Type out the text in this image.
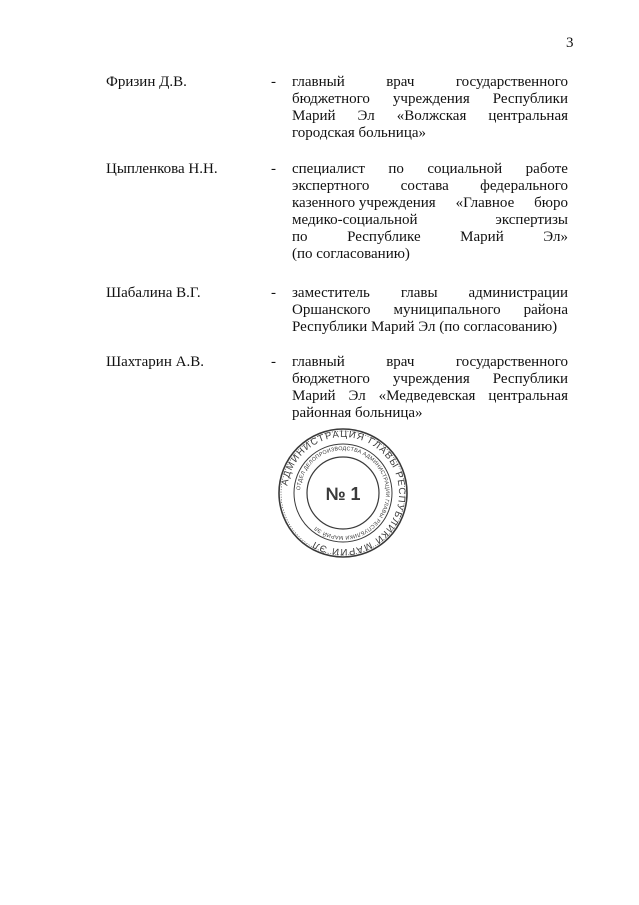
3
Фризин Д.В.	- главный	врач	государственного
бюджетного учреждения Республики
Марий Эл «Волжская центральная
городская больница»
Цыпленкова Н.Н.	- специалист по социальной работе
экспертного состава федерального
казенного учреждения «Главное бюро
медико-социальной	экспертизы
по	Республике	Марий	Эл»
(по согласованию)
Шабалина В.Г.	- заместитель главы администрации
Оршанского муниципального района
Республики Марий Эл (по согласованию)
Шахтарин А.В.	- главный	врач	государственного
бюджетного учреждения Республики
Марий Эл «Медведевская центральная
районная больница»
АДМИНИСТРАЦИЯ ГЛАВЫ РЕСПУБЛИКИ МАРИЙ ЭЛ
ОТДЕЛ ДЕЛОПРОИЗВОДСТВА АДМИНИСТРАЦИИ ГЛАВЫ РЕСПУБЛИКИ МАРИЙ ЭЛ
№ 1
